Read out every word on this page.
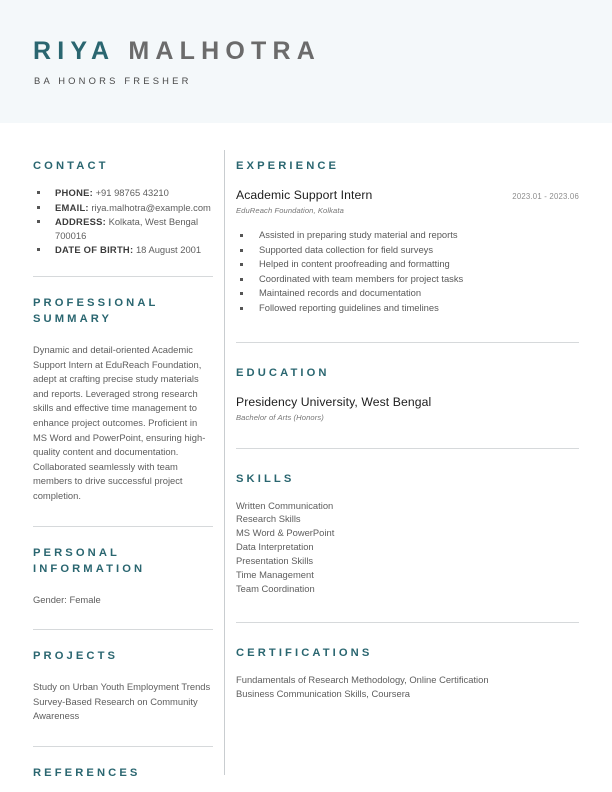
RIYA MALHOTRA
BA HONORS FRESHER
CONTACT
PHONE: +91 98765 43210
EMAIL: riya.malhotra@example.com
ADDRESS: Kolkata, West Bengal 700016
DATE OF BIRTH: 18 August 2001
PROFESSIONAL
SUMMARY
Dynamic and detail-oriented Academic Support Intern at EduReach Foundation, adept at crafting precise study materials and reports. Leveraged strong research skills and effective time management to enhance project outcomes. Proficient in MS Word and PowerPoint, ensuring high-quality content and documentation. Collaborated seamlessly with team members to drive successful project completion.
PERSONAL
INFORMATION
Gender: Female
PROJECTS
Study on Urban Youth Employment Trends Survey-Based Research on Community Awareness
REFERENCES
EXPERIENCE
Academic Support Intern	2023.01 - 2023.06
EduReach Foundation, Kolkata
Assisted in preparing study material and reports
Supported data collection for field surveys
Helped in content proofreading and formatting
Coordinated with team members for project tasks
Maintained records and documentation
Followed reporting guidelines and timelines
EDUCATION
Presidency University, West Bengal
Bachelor of Arts (Honors)
SKILLS
Written Communication
Research Skills
MS Word & PowerPoint
Data Interpretation
Presentation Skills
Time Management
Team Coordination
CERTIFICATIONS
Fundamentals of Research Methodology, Online Certification
Business Communication Skills, Coursera
